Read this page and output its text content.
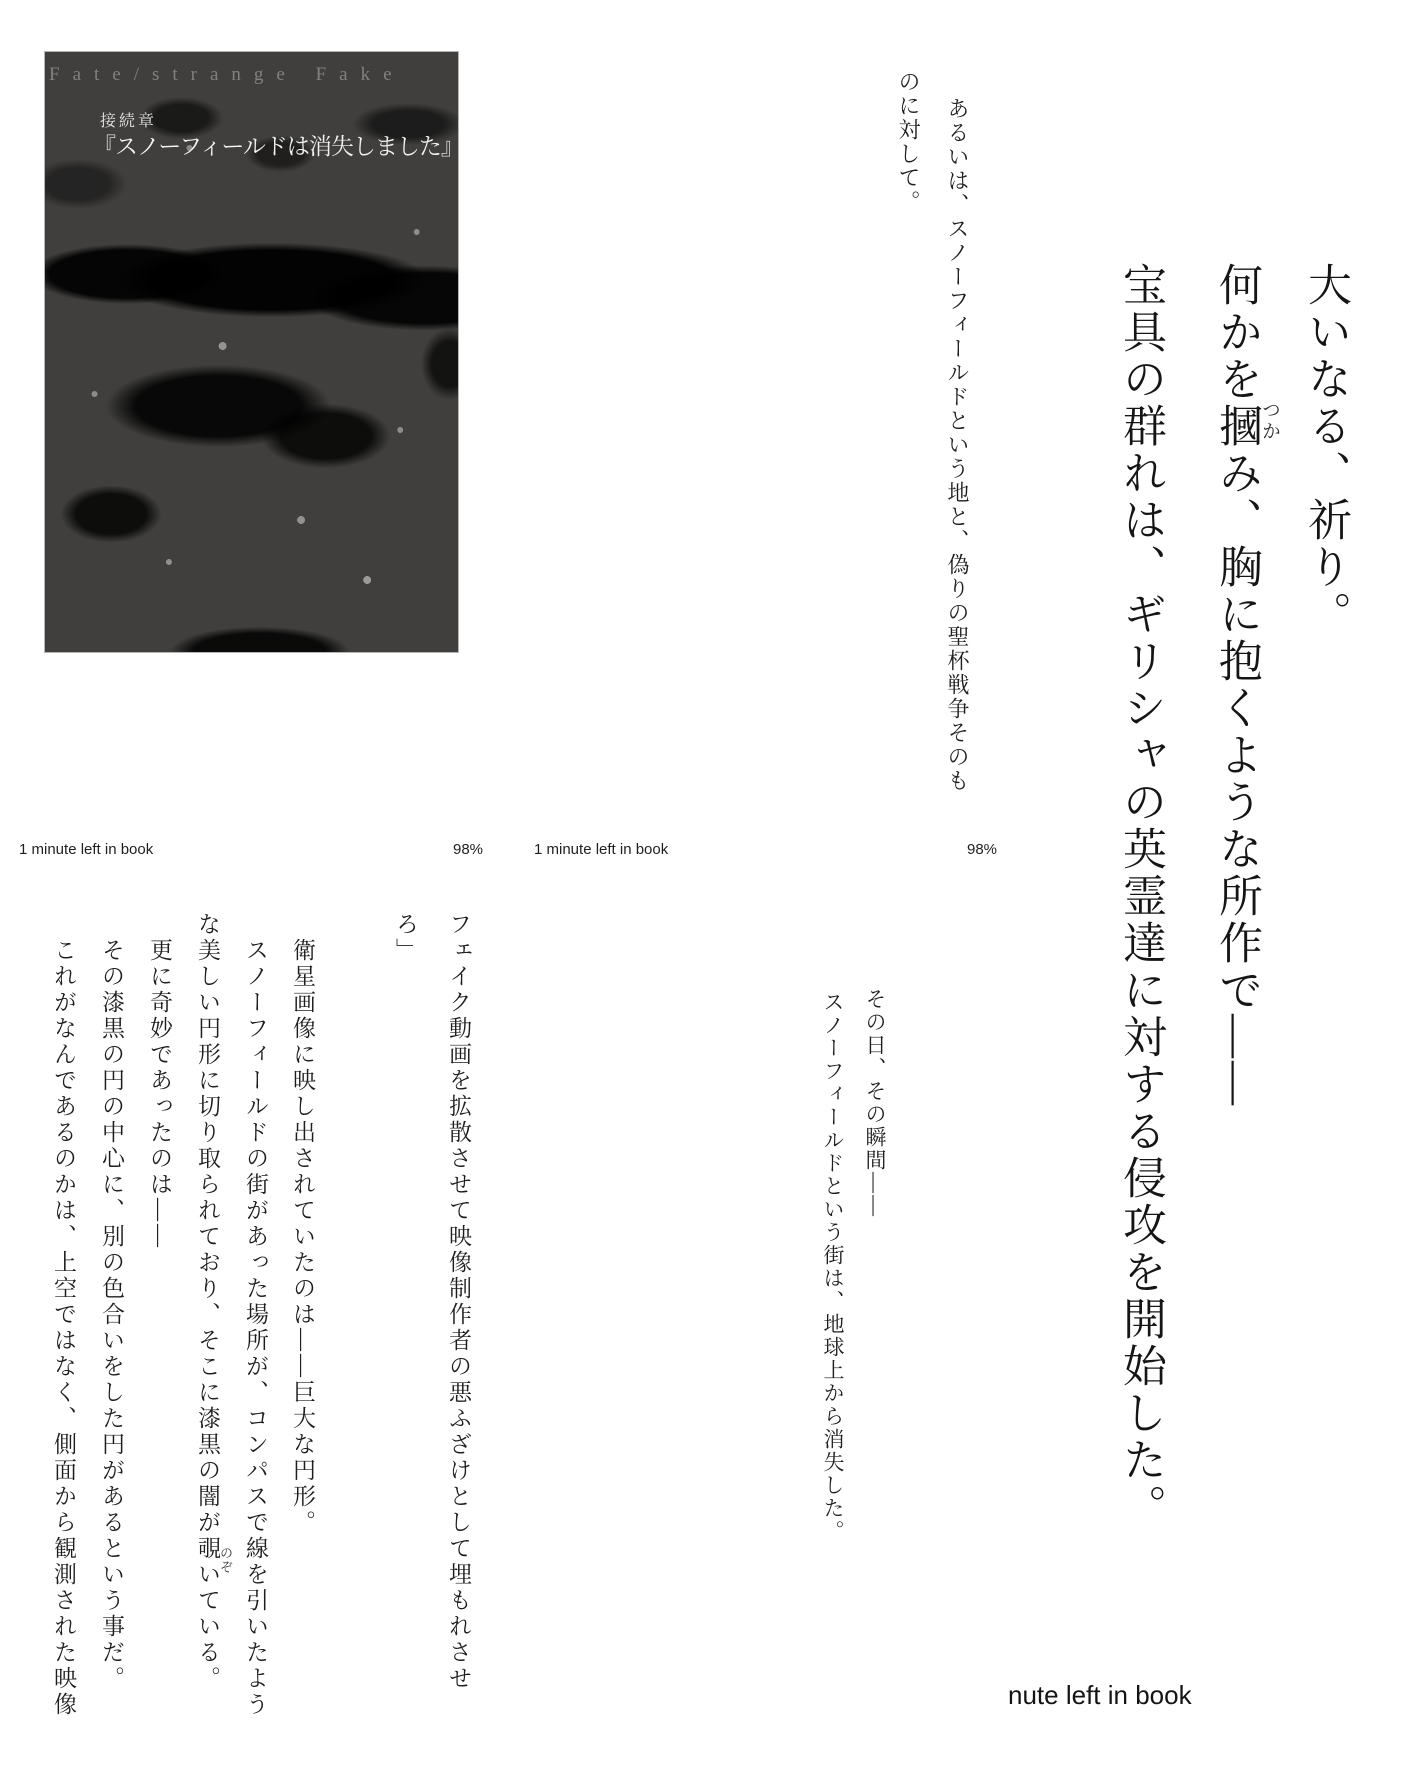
Fate/strange Fake
接続章
『スノーフィールドは消失しました』
1 minute left in book	98%
あるいは、スノーフィールドという地と、偽りの聖杯戦争そのも
のに対して。
1 minute left in book	98%
大いなる、祈り。
何かを摑み、胸に抱くような所作で——
つか
宝具の群れは、ギリシャの英霊達に対する侵攻を開始した。
フェイク動画を拡散させて映像制作者の悪ふざけとして埋もれさせ
ろ」
衛星画像に映し出されていたのは——巨大な円形。
スノーフィールドの街があった場所が、コンパスで線を引いたよう
な美しい円形に切り取られており、そこに漆黒の闇が覗いている。
のぞ
更に奇妙であったのは——
その漆黒の円の中心に、別の色合いをした円があるという事だ。
これがなんであるのかは、上空ではなく、側面から観測された映像	その日、その瞬間——
スノーフィールドという街は、地球上から消失した。
nute left in book
